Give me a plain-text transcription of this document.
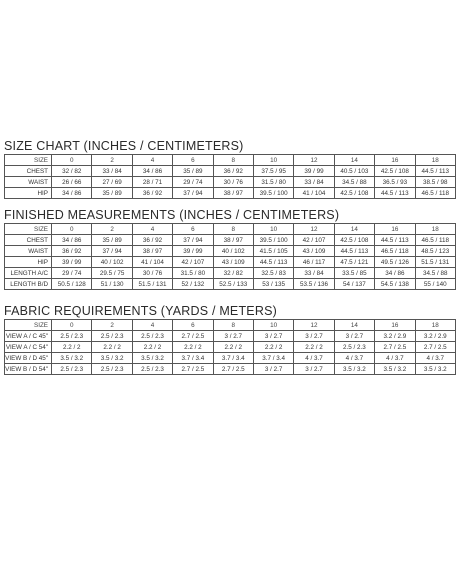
SIZE CHART (INCHES / CENTIMETERS)
SIZE	0	2	4	6	8	10	12	14	16	18
CHEST	32 / 82	33 / 84	34 / 86	35 / 89	36 / 92	37.5 / 95	39 / 99	40.5 / 103	42.5 / 108	44.5 / 113
WAIST	26 / 66	27 / 69	28 / 71	29 / 74	30 / 76	31.5 / 80	33 / 84	34.5 / 88	36.5 / 93	38.5 / 98
HIP	34 / 86	35 / 89	36 / 92	37 / 94	38 / 97	39.5 / 100	41 / 104	42.5 / 108	44.5 / 113	46.5 / 118
FINISHED MEASUREMENTS (INCHES / CENTIMETERS)
SIZE	0	2	4	6	8	10	12	14	16	18
CHEST	34 / 86	35 / 89	36 / 92	37 / 94	38 / 97	39.5 / 100	42 / 107	42.5 / 108	44.5 / 113	46.5 / 118
WAIST	36 / 92	37 / 94	38 / 97	39 / 99	40 / 102	41.5 / 105	43 / 109	44.5 / 113	46.5 / 118	48.5 / 123
HIP	39 / 99	40 / 102	41 / 104	42 / 107	43 / 109	44.5 / 113	46 / 117	47.5 / 121	49.5 / 126	51.5 / 131
LENGTH A/C	29 / 74	29.5 / 75	30 / 76	31.5 / 80	32 / 82	32.5 / 83	33 / 84	33.5 / 85	34 / 86	34.5 / 88
LENGTH B/D	50.5 / 128	51 / 130	51.5 / 131	52 / 132	52.5 / 133	53 / 135	53.5 / 136	54 / 137	54.5 / 138	55 / 140
FABRIC REQUIREMENTS (YARDS / METERS)
SIZE	0	2	4	6	8	10	12	14	16	18
VIEW A / C 45"	2.5 / 2.3	2.5 / 2.3	2.5 / 2.3	2.7 / 2.5	3 / 2.7	3 / 2.7	3 / 2.7	3 / 2.7	3.2 / 2.9	3.2 / 2.9
VIEW A / C 54"	2.2 / 2	2.2 / 2	2.2 / 2	2.2 / 2	2.2 / 2	2.2 / 2	2.2 / 2	2.5 / 2.3	2.7 / 2.5	2.7 / 2.5
VIEW B / D 45"	3.5 / 3.2	3.5 / 3.2	3.5 / 3.2	3.7 / 3.4	3.7 / 3.4	3.7 / 3.4	4 / 3.7	4 / 3.7	4 / 3.7	4 / 3.7
VIEW B / D 54"	2.5 / 2.3	2.5 / 2.3	2.5 / 2.3	2.7 / 2.5	2.7 / 2.5	3 / 2.7	3 / 2.7	3.5 / 3.2	3.5 / 3.2	3.5 / 3.2
